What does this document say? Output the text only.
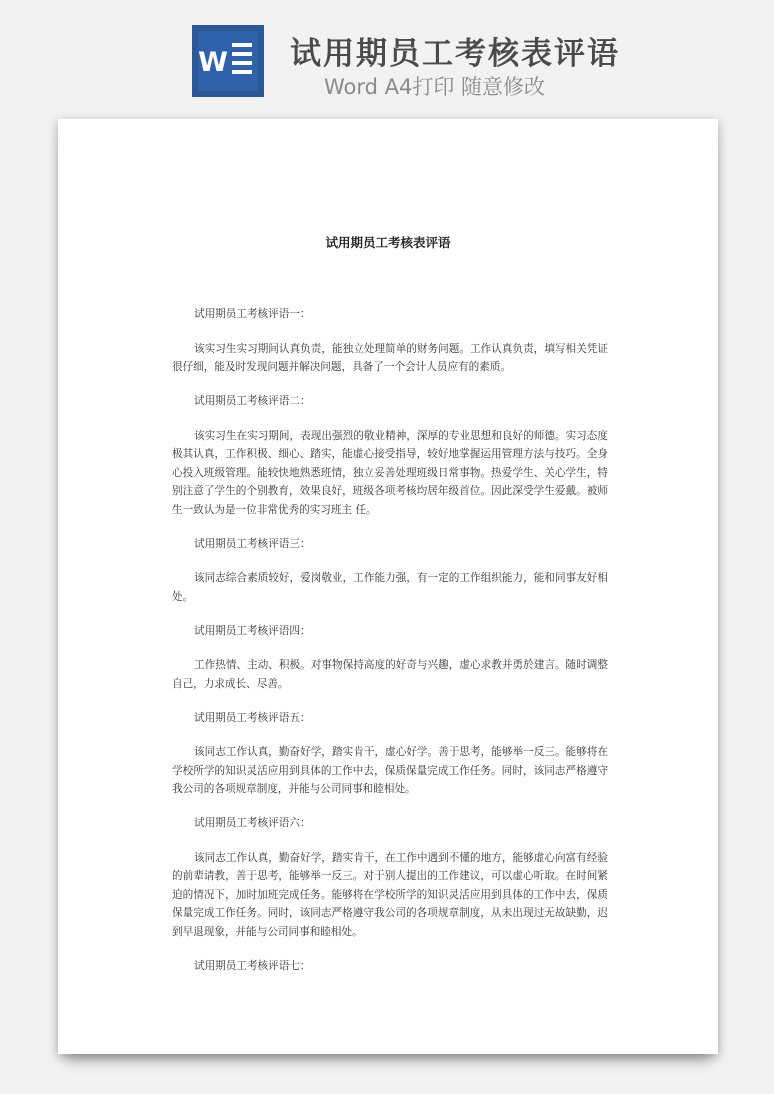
W 试用期员工考核表评语
Word A4打印 随意修改
试用期员工考核表评语

试用期员工考核评语一：

该实习生实习期间认真负责，能独立处理简单的财务问题。工作认真负责，填写相关凭证很仔细，能及时发现问题并解决问题，具备了一个会计人员应有的素质。

试用期员工考核评语二：

该实习生在实习期间，表现出强烈的敬业精神，深厚的专业思想和良好的师德。实习态度极其认真，工作积极、细心、踏实，能虚心接受指导，较好地掌握运用管理方法与技巧。全身心投入班级管理。能较快地熟悉班情，独立妥善处理班级日常事物。热爱学生、关心学生，特别注意了学生的个别教育，效果良好，班级各项考核均居年级首位。因此深受学生爱戴。被师生一致认为是一位非常优秀的实习班主 任。

试用期员工考核评语三：

该同志综合素质较好，爱岗敬业，工作能力强，有一定的工作组织能力，能和同事友好相处。

试用期员工考核评语四：

工作热情、主动、积极。对事物保持高度的好奇与兴趣，虚心求教并勇於建言。随时调整自己，力求成长、尽善。

试用期员工考核评语五：

该同志工作认真，勤奋好学，踏实肯干，虚心好学。善于思考，能够举一反三。能够将在学校所学的知识灵活应用到具体的工作中去，保质保量完成工作任务。同时，该同志严格遵守我公司的各项规章制度，并能与公司同事和睦相处。

试用期员工考核评语六：

该同志工作认真，勤奋好学，踏实肯干，在工作中遇到不懂的地方，能够虚心向富有经验的前辈请教，善于思考，能够举一反三。对于别人提出的工作建议，可以虚心听取。在时间紧迫的情况下，加时加班完成任务。能够将在学校所学的知识灵活应用到具体的工作中去，保质保量完成工作任务。同时，该同志严格遵守我公司的各项规章制度，从未出现过无故缺勤，迟到早退现象，并能与公司同事和睦相处。

试用期员工考核评语七：
